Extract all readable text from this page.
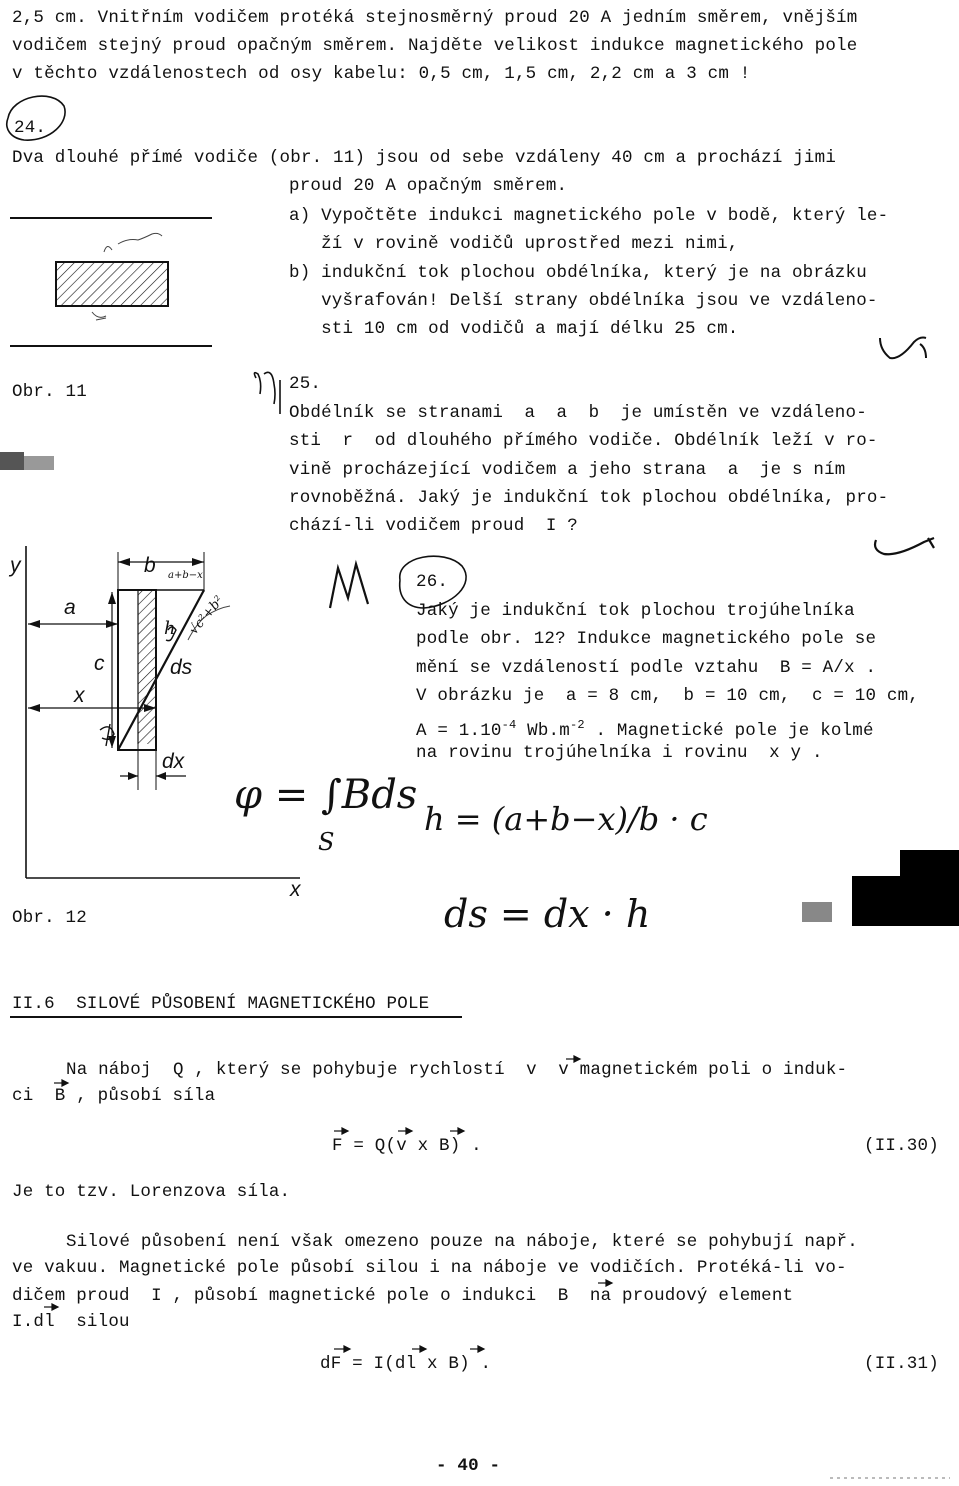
2,5 cm. Vnitřním vodičem protéká stejnosměrný proud 20 A jedním směrem, vnějším
vodičem stejný proud opačným směrem. Najděte velikost indukce magnetického pole
v těchto vzdálenostech od osy kabelu: 0,5 cm, 1,5 cm, 2,2 cm a 3 cm !
24.
Dva dlouhé přímé vodiče (obr. 11) jsou od sebe vzdáleny 40 cm a prochází jimi
proud 20 A opačným směrem.
a) Vypočtěte indukci magnetického pole v bodě, který le-
ží v rovině vodičů uprostřed mezi nimi,
b) indukční tok plochou obdélníka, který je na obrázku
vyšrafován! Delší strany obdélníka jsou ve vzdáleno-
sti 10 cm od vodičů a mají délku 25 cm.
Obr. 11	25.
Obdélník se stranami  a  a  b  je umístěn ve vzdáleno-
sti  r  od dlouhého přímého vodiče. Obdélník leží v ro-
vině procházející vodičem a jeho strana  a  je s ním
rovnoběžná. Jaký je indukční tok plochou obdélníka, pro-
chází-li vodičem proud  I ?
26.
Jaký je indukční tok plochou trojúhelníka
podle obr. 12? Indukce magnetického pole se
mění se vzdáleností podle vztahu  B = A/x .
V obrázku je  a = 8 cm,  b = 10 cm,  c = 10 cm,
$A = 1.10^{-4}$ $Wb.m^{-2}$ . Magnetické pole je kolmé
na rovinu trojúhelníka i rovinu  x y .
Obr. 12
y
x
b
a
c
x
ds
dx
h √c²+b²
a+b−x
φ = ∫Bds
S
h = (a+b−x)/b · c
ds = dx · h
II.6  SILOVÉ PŮSOBENÍ MAGNETICKÉHO POLE
Na náboj  Q , který se pohybuje rychlostí  v  v magnetickém poli o induk-
ci  B , působí síla
F = Q(v x B) .	(II.30)
Je to tzv. Lorenzova síla.
Silové působení není však omezeno pouze na náboje, které se pohybují např.
ve vakuu. Magnetické pole působí silou i na náboje ve vodičích. Protéká-li vo-
dičem proud  I , působí magnetické pole o indukci  B  na proudový element
I.dl  silou
dF = I(dl x B) .	(II.31)
- 40 -
